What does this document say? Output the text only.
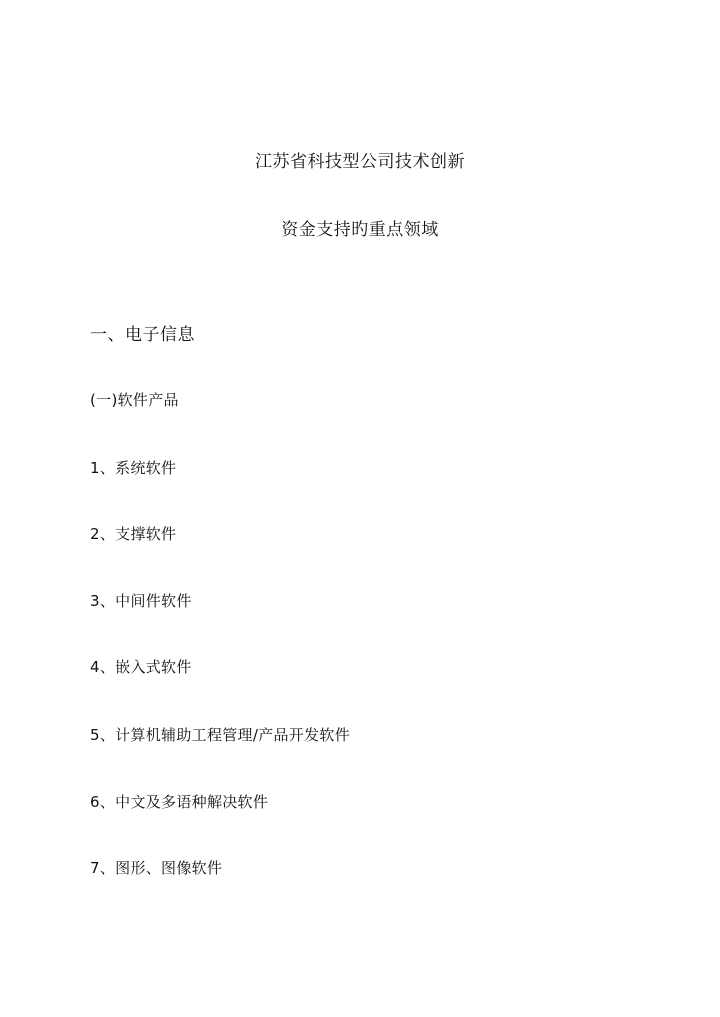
江苏省科技型公司技术创新
资金支持旳重点领域
一、电子信息
(一)软件产品
1、系统软件
2、支撑软件
3、中间件软件
4、嵌入式软件
5、计算机辅助工程管理/产品开发软件
6、中文及多语种解决软件
7、图形、图像软件
